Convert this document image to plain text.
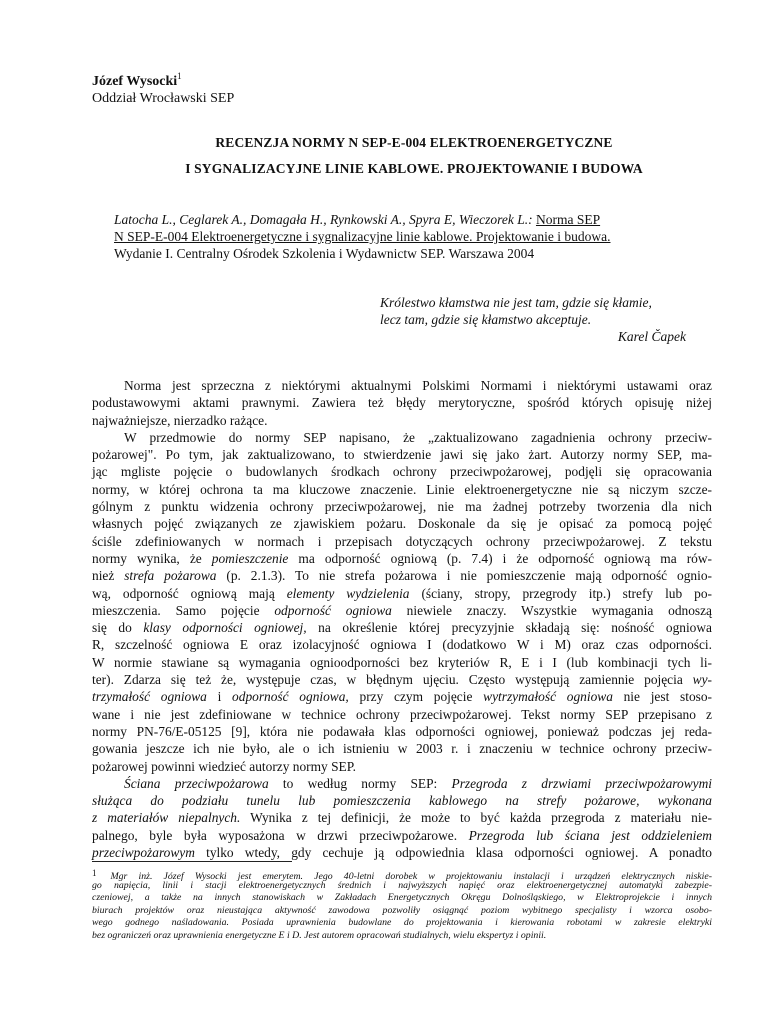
Józef Wysocki$^1$
Oddział Wrocławski SEP
RECENZJA NORMY N SEP-E-004 ELEKTROENERGETYCZNE
I SYGNALIZACYJNE LINIE KABLOWE. PROJEKTOWANIE I BUDOWA
Latocha L., Ceglarek A., Domagała H., Rynkowski A., Spyra E, Wieczorek L.: Norma SEP
N SEP-E-004 Elektroenergetyczne i sygnalizacyjne linie kablowe. Projektowanie i budowa.
Wydanie I. Centralny Ośrodek Szkolenia i Wydawnictw SEP. Warszawa 2004
Królestwo kłamstwa nie jest tam, gdzie się kłamie,
lecz tam, gdzie się kłamstwo akceptuje.
Karel Čapek
Norma jest sprzeczna z niektórymi aktualnymi Polskimi Normami i niektórymi ustawami oraz
podustawowymi aktami prawnymi. Zawiera też błędy merytoryczne, spośród których opisuję niżej
najważniejsze, nierzadko rażące.
W przedmowie do normy SEP napisano, że „zaktualizowano zagadnienia ochrony przeciw-
pożarowej". Po tym, jak zaktualizowano, to stwierdzenie jawi się jako żart. Autorzy normy SEP, ma-
jąc mgliste pojęcie o budowlanych środkach ochrony przeciwpożarowej, podjęli się opracowania
normy, w której ochrona ta ma kluczowe znaczenie. Linie elektroenergetyczne nie są niczym szcze-
gólnym z punktu widzenia ochrony przeciwpożarowej, nie ma żadnej potrzeby tworzenia dla nich
własnych pojęć związanych ze zjawiskiem pożaru. Doskonale da się je opisać za pomocą pojęć
ściśle zdefiniowanych w normach i przepisach dotyczących ochrony przeciwpożarowej. Z tekstu
normy wynika, że pomieszczenie ma odporność ogniową (p. 7.4) i że odporność ogniową ma rów-
nież strefa pożarowa (p. 2.1.3). To nie strefa pożarowa i nie pomieszczenie mają odporność ognio-
wą, odporność ogniową mają elementy wydzielenia (ściany, stropy, przegrody itp.) strefy lub po-
mieszczenia. Samo pojęcie odporność ogniowa niewiele znaczy. Wszystkie wymagania odnoszą
się do klasy odporności ogniowej, na określenie której precyzyjnie składają się: nośność ogniowa
R, szczelność ogniowa E oraz izolacyjność ogniowa I (dodatkowo W i M) oraz czas odporności.
W normie stawiane są wymagania ognioodporności bez kryteriów R, E i I (lub kombinacji tych li-
ter). Zdarza się też że, występuje czas, w błędnym ujęciu. Często występują zamiennie pojęcia wy-
trzymałość ogniowa i odporność ogniowa, przy czym pojęcie wytrzymałość ogniowa nie jest stoso-
wane i nie jest zdefiniowane w technice ochrony przeciwpożarowej. Tekst normy SEP przepisano z
normy PN-76/E-05125 [9], która nie podawała klas odporności ogniowej, ponieważ podczas jej reda-
gowania jeszcze ich nie było, ale o ich istnieniu w 2003 r. i znaczeniu w technice ochrony przeciw-
pożarowej powinni wiedzieć autorzy normy SEP.
Ściana przeciwpożarowa to według normy SEP: Przegroda z drzwiami przeciwpożarowymi
służąca do podziału tunelu lub pomieszczenia kablowego na strefy pożarowe, wykonana
z materiałów niepalnych. Wynika z tej definicji, że może to być każda przegroda z materiału nie-
palnego, byle była wyposażona w drzwi przeciwpożarowe. Przegroda lub ściana jest oddzieleniem
przeciwpożarowym tylko wtedy, gdy cechuje ją odpowiednia klasa odporności ogniowej. A ponadto
1 Mgr inż. Józef Wysocki jest emerytem. Jego 40-letni dorobek w projektowaniu instalacji i urządzeń elektrycznych niskie-
go napięcia, linii i stacji elektroenergetycznych średnich i najwyższych napięć oraz elektroenergetycznej automatyki zabezpie-
czeniowej, a także na innych stanowiskach w Zakładach Energetycznych Okręgu Dolnośląskiego, w Elektroprojekcie i innych
biurach projektów oraz nieustająca aktywność zawodowa pozwoliły osiągnąć poziom wybitnego specjalisty i wzorca osobo-
wego godnego naśladowania. Posiada uprawnienia budowlane do projektowania i kierowania robotami w zakresie elektryki
bez ograniczeń oraz uprawnienia energetyczne E i D. Jest autorem opracowań studialnych, wielu ekspertyz i opinii.
